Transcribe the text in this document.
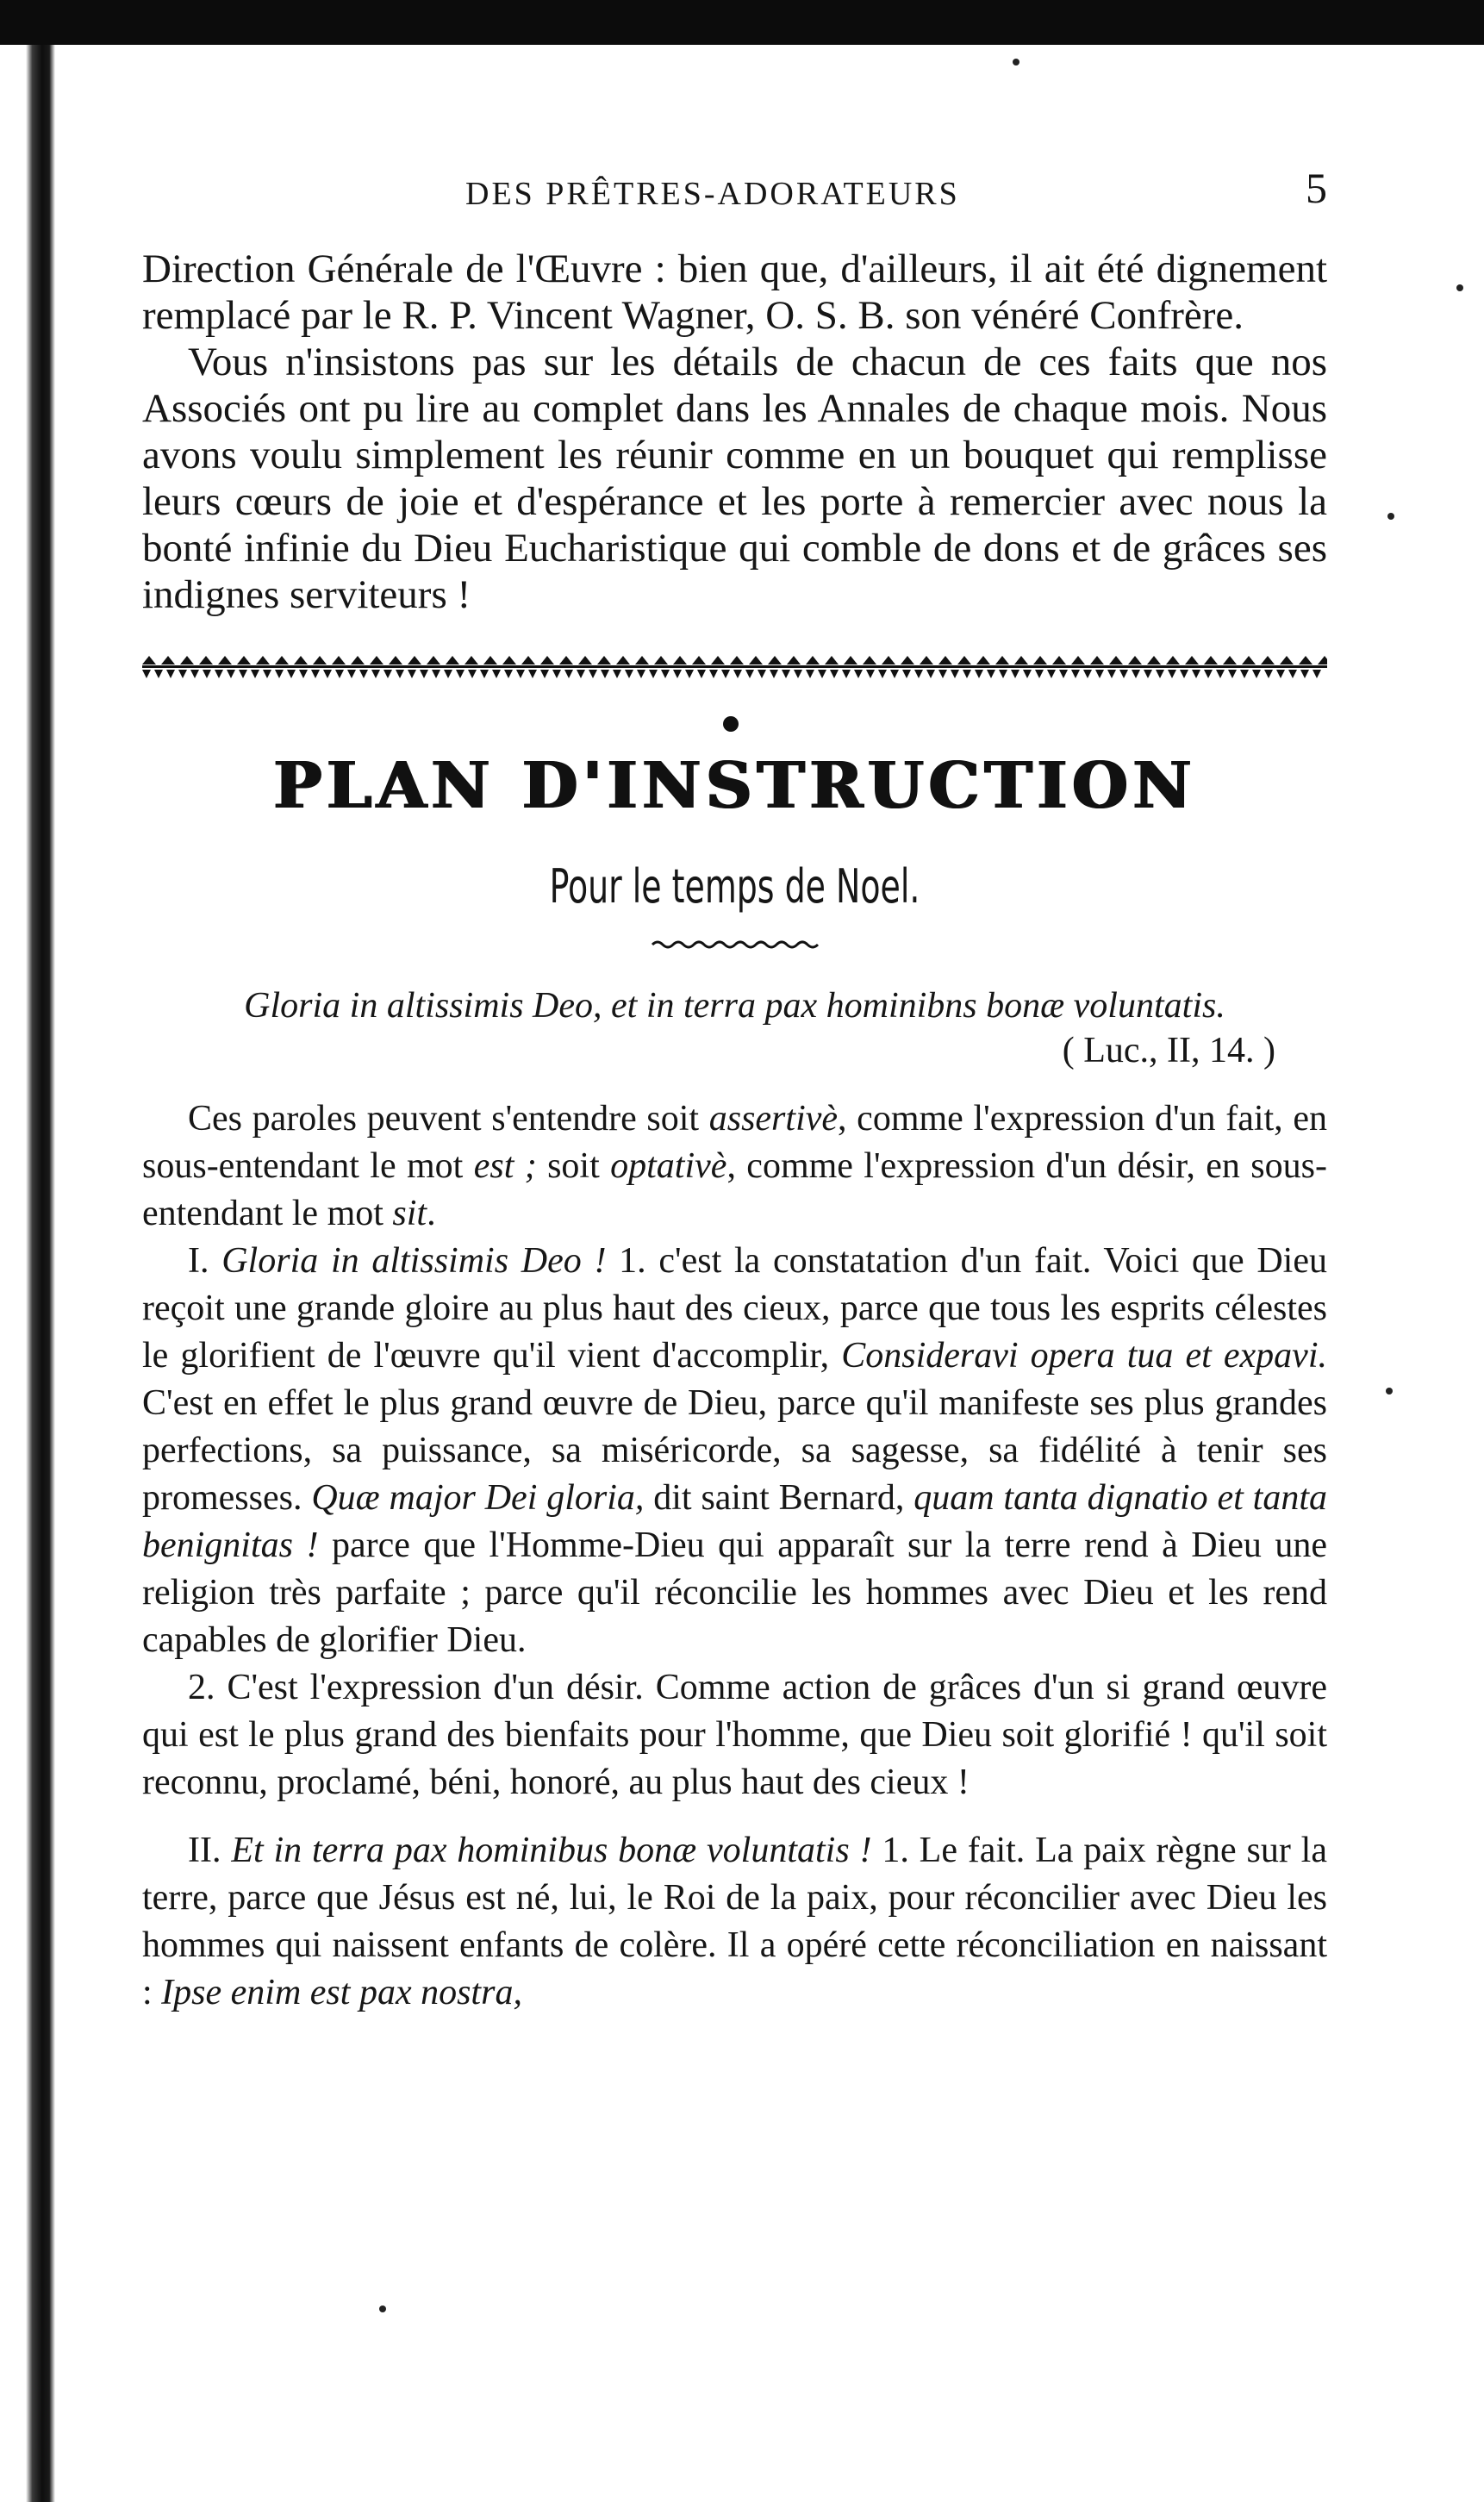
DES PRÊTRES-ADORATEURS	5

Direction Générale de l'Œuvre : bien que, d'ailleurs, il ait été dignement remplacé par le R. P. Vincent Wagner, O. S. B. son vénéré Confrère.

Vous n'insistons pas sur les détails de chacun de ces faits que nos Associés ont pu lire au complet dans les Annales de chaque mois. Nous avons voulu simplement les réunir comme en un bouquet qui remplisse leurs cœurs de joie et d'espérance et les porte à remercier avec nous la bonté infinie du Dieu Eucharistique qui comble de dons et de grâces ses indignes serviteurs !

PLAN D'INSTRUCTION
Pour le temps de Noel.
Gloria in altissimis Deo, et in terra pax hominibns bonæ voluntatis.
( Luc., II, 14. )

Ces paroles peuvent s'entendre soit assertivè, comme l'expression d'un fait, en sous-entendant le mot est ; soit optativè, comme l'expression d'un désir, en sous-entendant le mot sit.

I. Gloria in altissimis Deo ! 1. c'est la constatation d'un fait. Voici que Dieu reçoit une grande gloire au plus haut des cieux, parce que tous les esprits célestes le glorifient de l'œuvre qu'il vient d'accomplir, Consideravi opera tua et expavi. C'est en effet le plus grand œuvre de Dieu, parce qu'il manifeste ses plus grandes perfections, sa puissance, sa miséricorde, sa sagesse, sa fidélité à tenir ses promesses. Quæ major Dei gloria, dit saint Bernard, quam tanta dignatio et tanta benignitas ! parce que l'Homme-Dieu qui apparaît sur la terre rend à Dieu une religion très parfaite ; parce qu'il réconcilie les hommes avec Dieu et les rend capables de glorifier Dieu.

2. C'est l'expression d'un désir. Comme action de grâces d'un si grand œuvre qui est le plus grand des bienfaits pour l'homme, que Dieu soit glorifié ! qu'il soit reconnu, proclamé, béni, honoré, au plus haut des cieux !

II. Et in terra pax hominibus bonæ voluntatis ! 1. Le fait. La paix règne sur la terre, parce que Jésus est né, lui, le Roi de la paix, pour réconcilier avec Dieu les hommes qui naissent enfants de colère. Il a opéré cette réconciliation en naissant : Ipse enim est pax nostra,
